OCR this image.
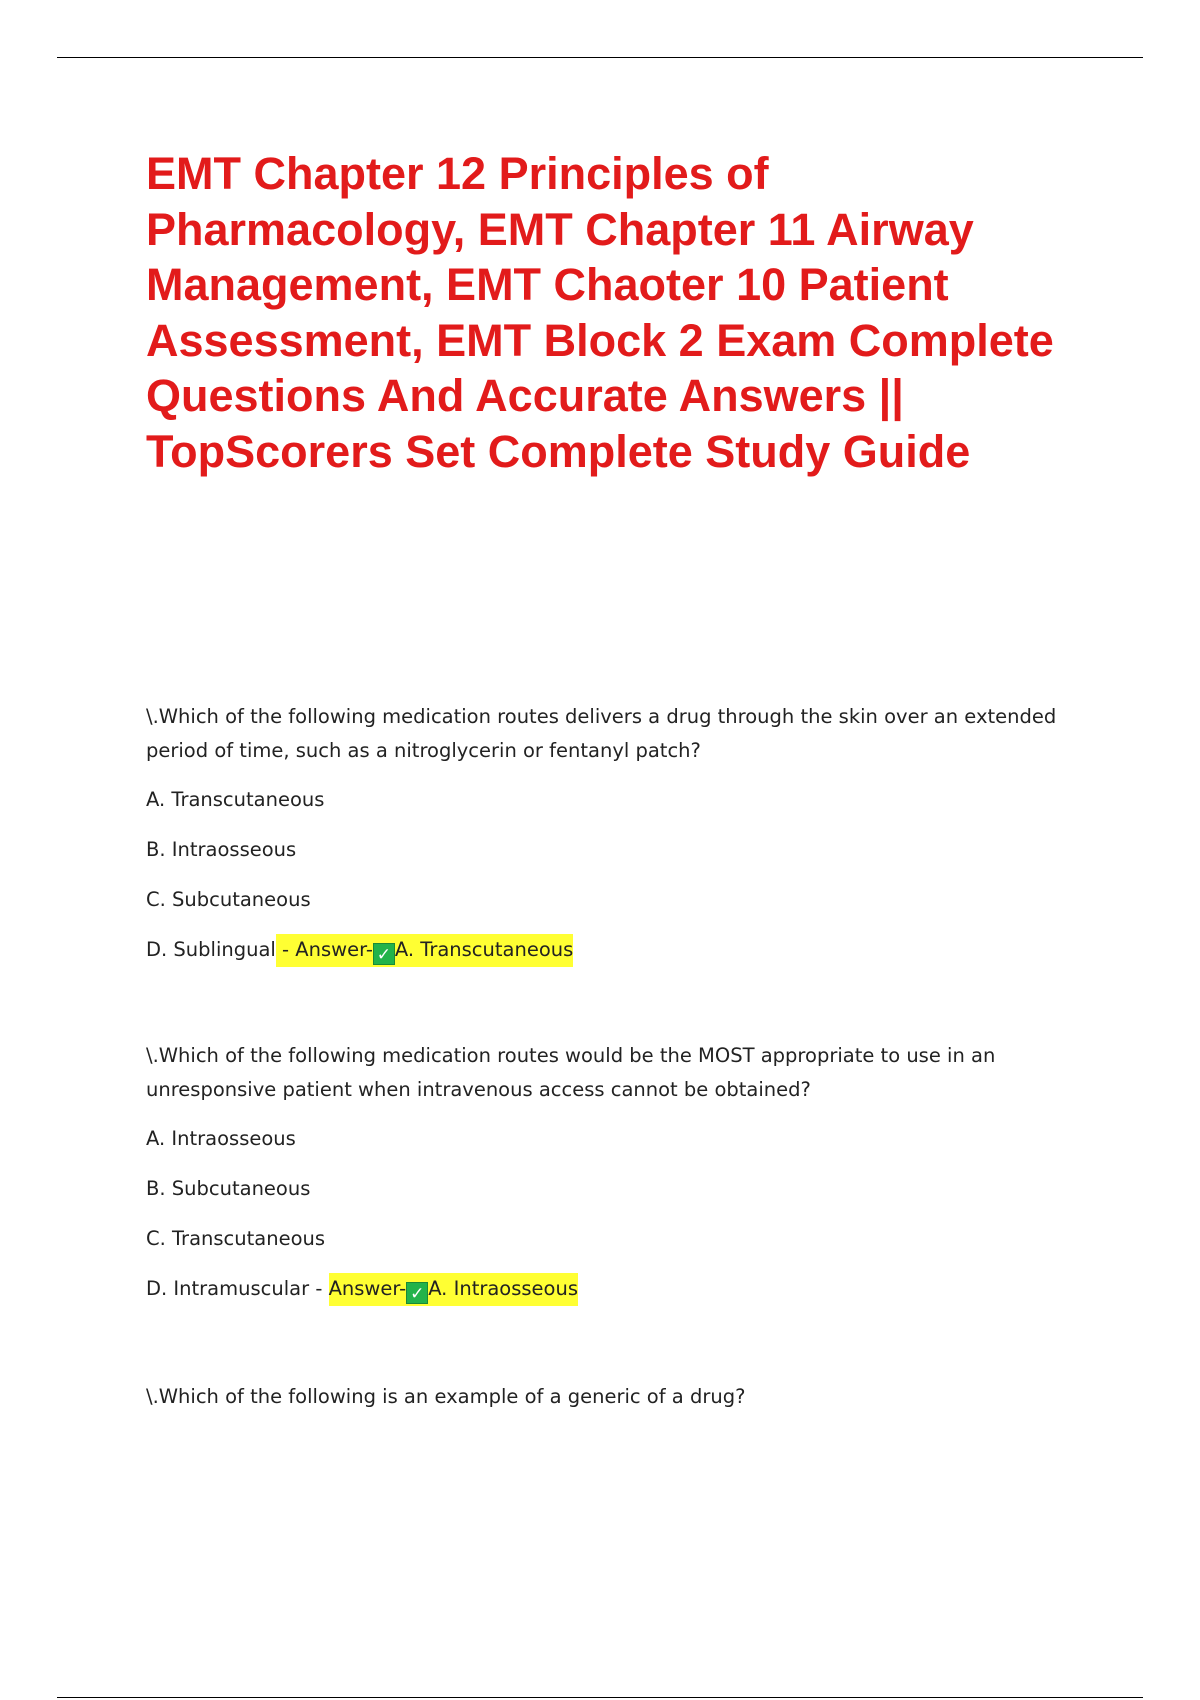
EMT Chapter 12 Principles of Pharmacology, EMT Chapter 11 Airway Management, EMT Chaoter 10 Patient Assessment, EMT Block 2 Exam Complete Questions And Accurate Answers || TopScorers Set Complete Study Guide

\.Which of the following medication routes delivers a drug through the skin over an extended period of time, such as a nitroglycerin or fentanyl patch?

A. Transcutaneous

B. Intraosseous

C. Subcutaneous

D. Sublingual - Answer- ✓ A. Transcutaneous

\.Which of the following medication routes would be the MOST appropriate to use in an unresponsive patient when intravenous access cannot be obtained?

A. Intraosseous

B. Subcutaneous

C. Transcutaneous

D. Intramuscular - Answer- ✓ A. Intraosseous

\.Which of the following is an example of a generic of a drug?
